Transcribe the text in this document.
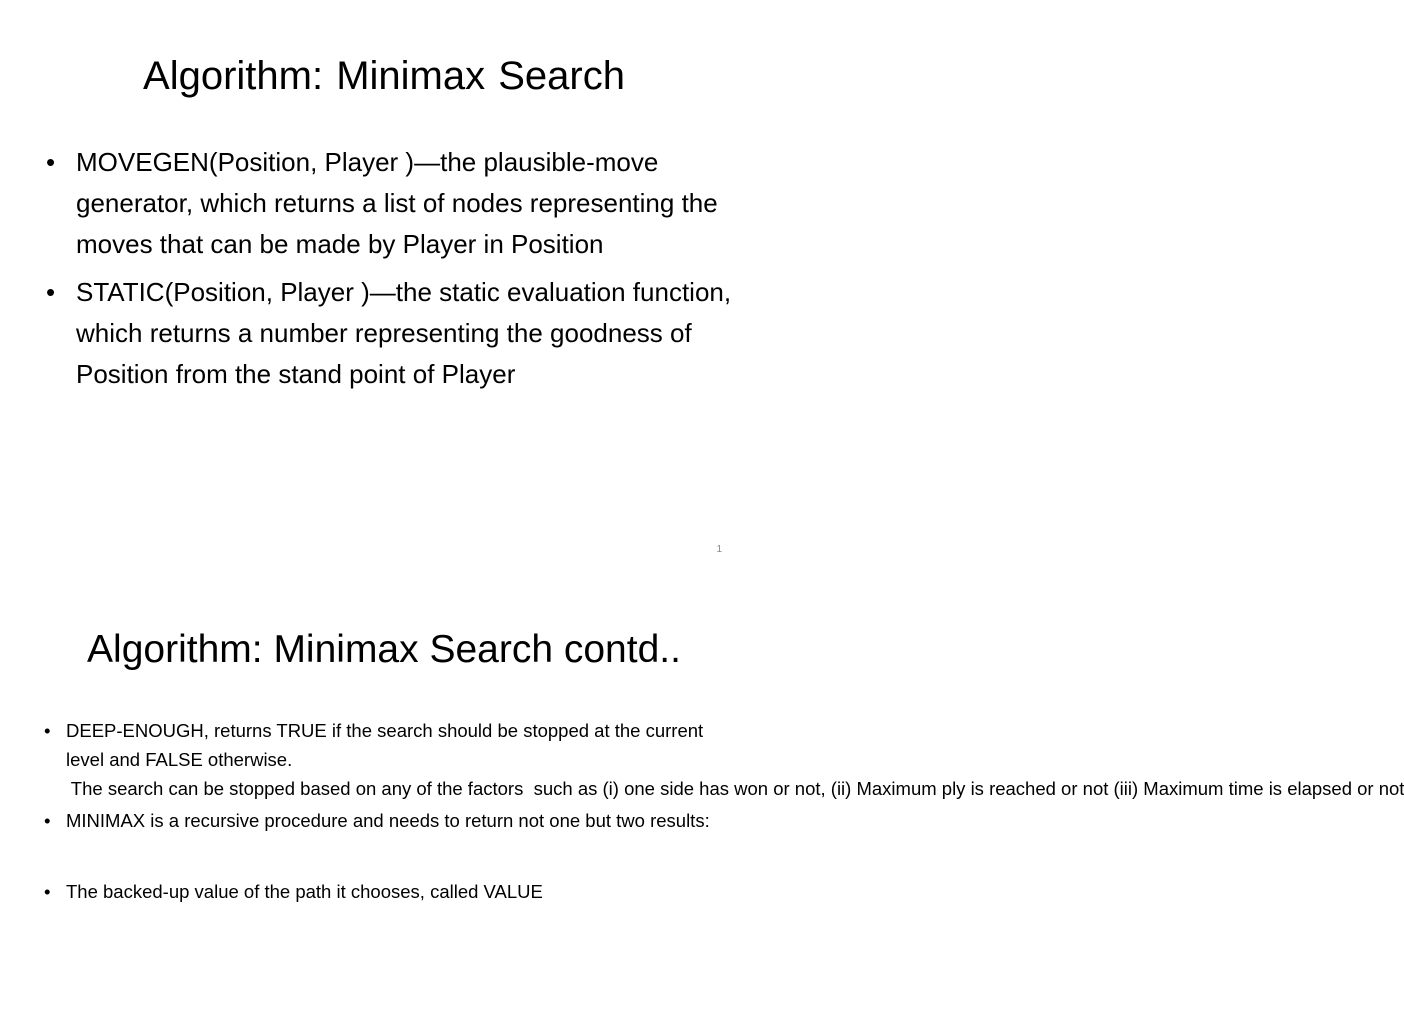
Algorithm: Minimax Search
• MOVEGEN(Position, Player )—the plausible-move generator, which returns a list of nodes representing the moves that can be made by Player in Position
• STATIC(Position, Player )—the static evaluation function, which returns a number representing the goodness of Position from the stand point of Player
1
Algorithm: Minimax Search contd..
• DEEP-ENOUGH, returns TRUE if the search should be stopped at the current level and FALSE otherwise.
The search can be stopped based on any of the factors  such as (i) one side has won or not, (ii) Maximum ply is reached or not (iii) Maximum time is elapsed or not
• MINIMAX is a recursive procedure and needs to return not one but two results:
• The backed-up value of the path it chooses, called VALUE
